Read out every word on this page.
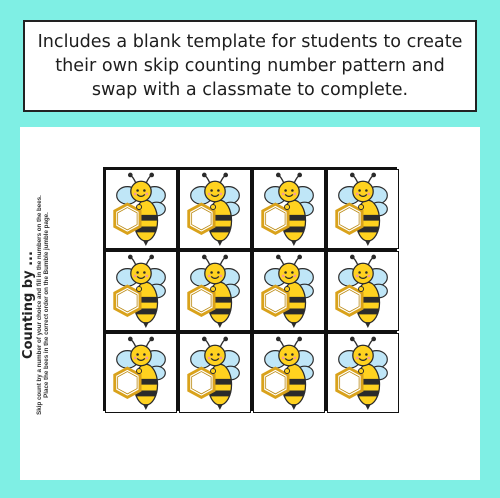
Includes a blank template for students to create their own skip counting number pattern and swap with a classmate to complete.
Counting by ... Skip count by a number of your choice and fill in the numbers on the bees. Place the bees in the correct order on the Bumble jumble page.
